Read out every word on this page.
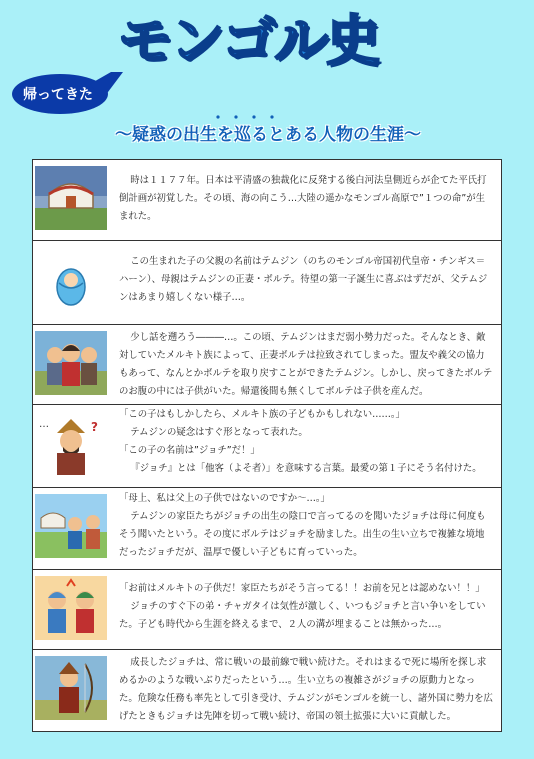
モンゴル史
帰ってきた
～疑惑の出生を巡るとある人物の生涯～

時は１１７７年。日本は平清盛の独裁化に反発する後白河法皇側近らが企てた平氏打倒計画が初覚した。その頃、海の向こう…大陸の遥かなモンゴル高原で”１つの命”が生まれた。

この生まれた子の父親の名前はテムジン（のちのモンゴル帝国初代皇帝・チンギス＝ハーン）、母親はテムジンの正妻・ボルテ。待望の第一子誕生に喜ぶはずだが、父テムジンはあまり嬉しくない様子…。

少し話を遡ろう―――…。この頃、テムジンはまだ弱小勢力だった。そんなとき、敵対していたメルキト族によって、正妻ボルテは拉致されてしまった。盟友や義父の協力もあって、なんとかボルテを取り戻すことができたテムジン。しかし、戻ってきたボルテのお腹の中には子供がいた。帰還後間も無くしてボルテは子供を産んだ。

…	?

「この子はもしかしたら、メルキト族の子どもかもしれない……。」

テムジンの疑念はすぐ形となって表れた。

「この子の名前は”ジョチ”だ！」

『ジョチ』とは「他客（よそ者）」を意味する言葉。最愛の第１子にそう名付けた。

「母上、私は父上の子供ではないのですか～…。」

テムジンの家臣たちがジョチの出生の陰口で言ってるのを聞いたジョチは母に何度もそう聞いたという。その度にボルテはジョチを励ました。出生の生い立ちで複雑な境地だったジョチだが、温厚で優しい子どもに育っていった。

「お前はメルキトの子供だ！家臣たちがそう言ってる！！お前を兄とは認めない！！」

ジョチのすぐ下の弟・チャガタイは気性が激しく、いつもジョチと言い争いをしていた。子ども時代から生涯を終えるまで、２人の溝が埋まることは無かった…。

成長したジョチは、常に戦いの最前線で戦い続けた。それはまるで死に場所を探し求めるかのような戦いぶりだったという…。生い立ちの複雑さがジョチの原動力となった。危険な任務も率先として引き受け、テムジンがモンゴルを統一し、諸外国に勢力を広げたときもジョチは先陣を切って戦い続け、帝国の領土拡張に大いに貢献した。
